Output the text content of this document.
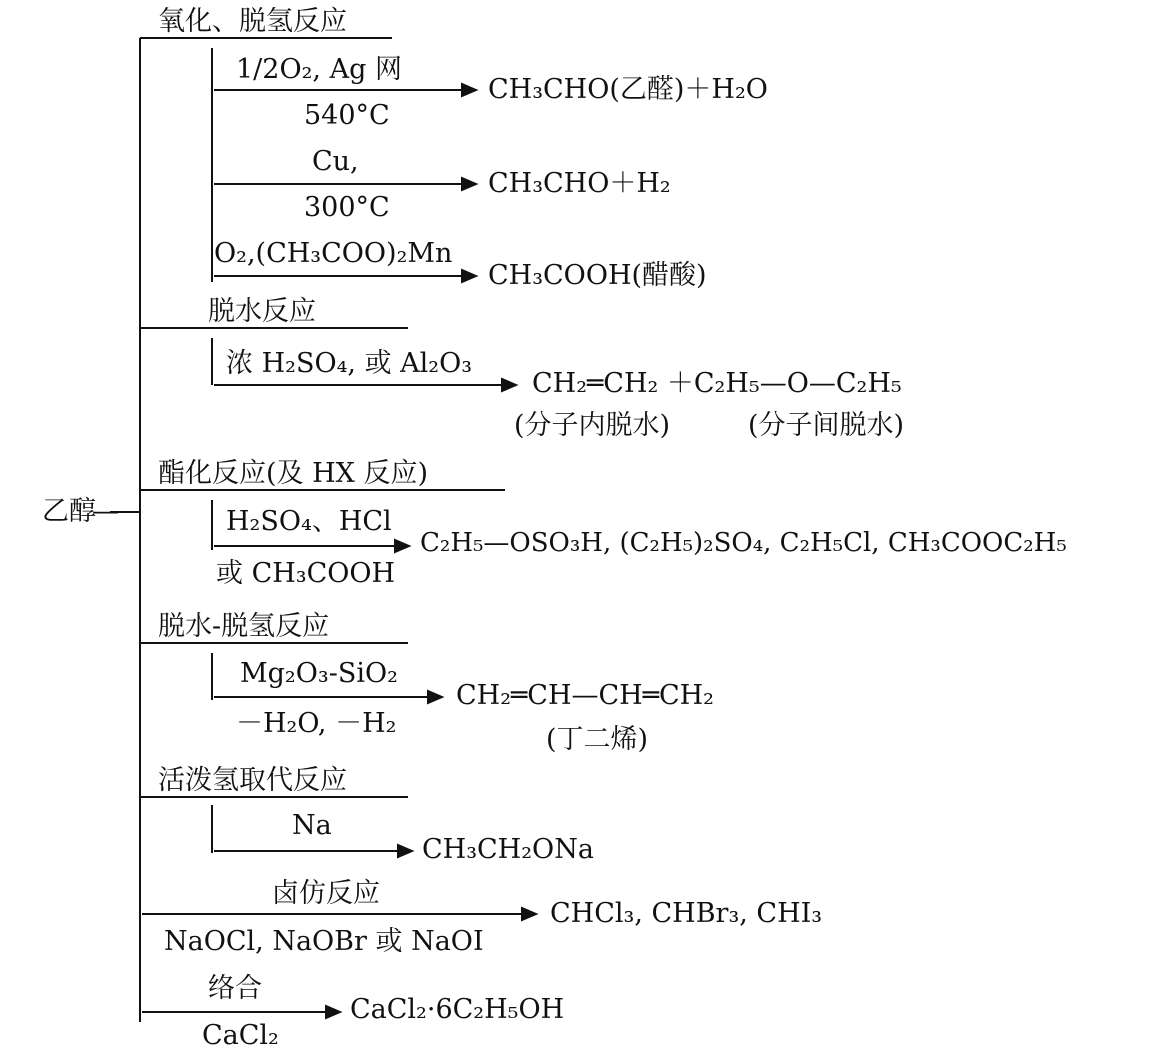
乙醇
—
氧化、脱氢反应
脱水反应
酯化反应(及 HX 反应)
脱水-脱氢反应
活泼氢取代反应
卤仿反应
络合
1/2O₂, Ag 网
540°C
CH₃CHO(乙醛)＋H₂O
Cu,
300°C
CH₃CHO＋H₂
O₂,(CH₃COO)₂Mn
CH₃COOH(醋酸)
浓 H₂SO₄, 或 Al₂O₃
CH₂═CH₂ ＋C₂H₅—O—C₂H₅
(分子内脱水)	(分子间脱水)
H₂SO₄、HCl
或 CH₃COOH
C₂H₅—OSO₃H, (C₂H₅)₂SO₄, C₂H₅Cl, CH₃COOC₂H₅
Mg₂O₃-SiO₂
－H₂O, －H₂
CH₂═CH—CH═CH₂
(丁二烯)
Na
CH₃CH₂ONa
NaOCl, NaOBr 或 NaOI
CHCl₃, CHBr₃, CHI₃
CaCl₂
CaCl₂·6C₂H₅OH
